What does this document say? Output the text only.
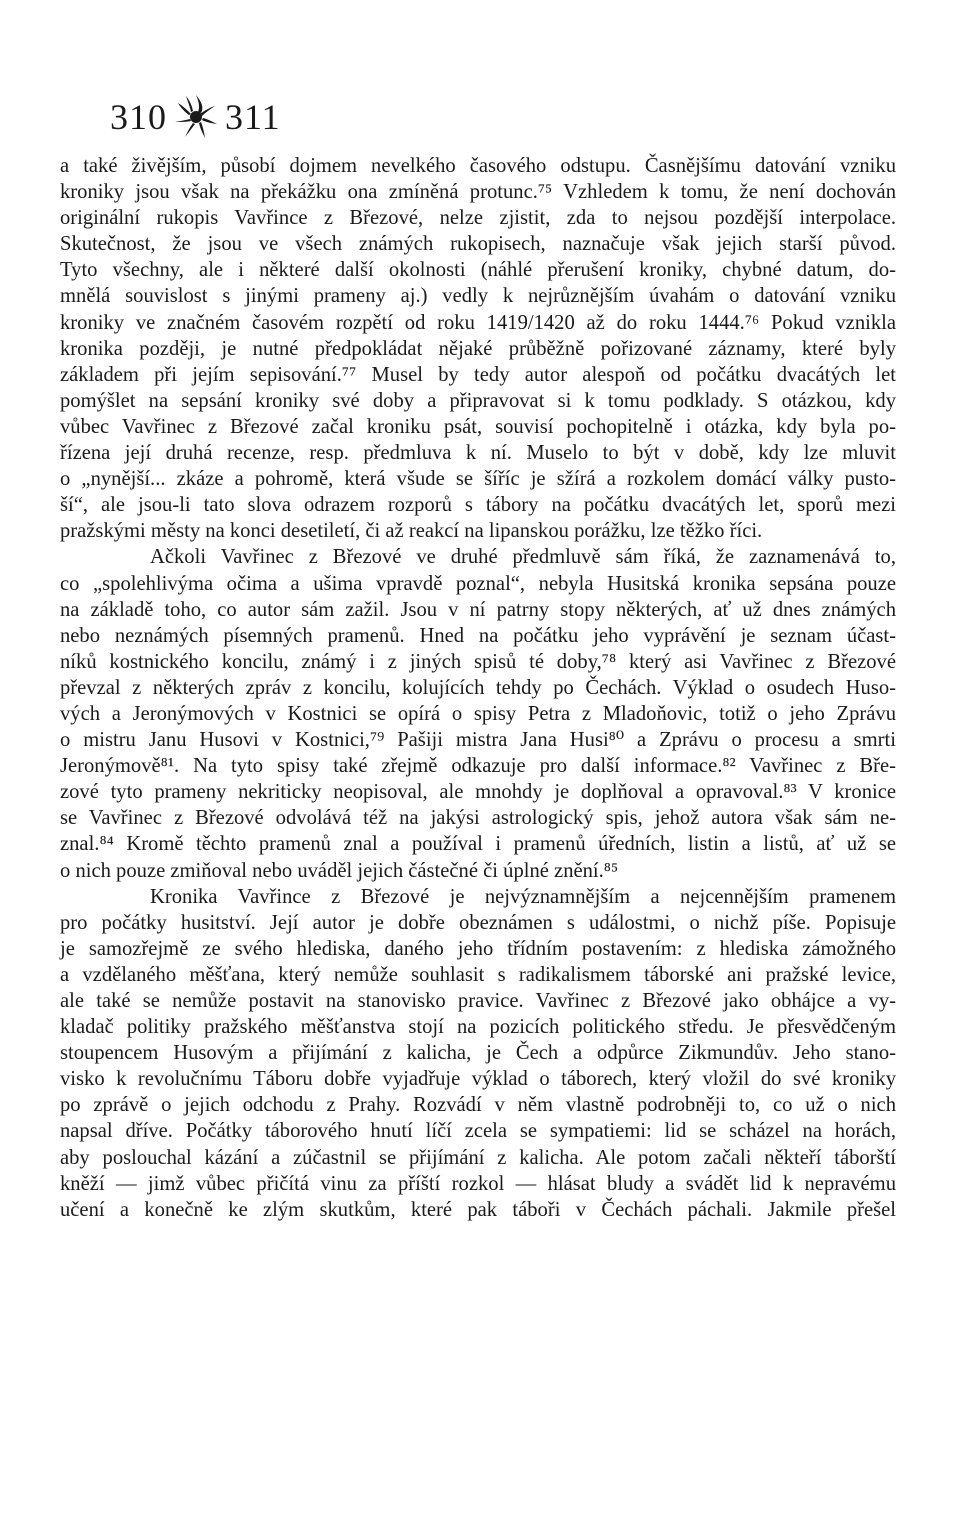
310 311
a také živějším, působí dojmem nevelkého časového odstupu. Časnějšímu datování vzniku
kroniky jsou však na překážku ona zmíněná protunc.⁷⁵ Vzhledem k tomu, že není dochován
originální rukopis Vavřince z Březové, nelze zjistit, zda to nejsou pozdější interpolace.
Skutečnost, že jsou ve všech známých rukopisech, naznačuje však jejich starší původ.
Tyto všechny, ale i některé další okolnosti (náhlé přerušení kroniky, chybné datum, do-
mnělá souvislost s jinými prameny aj.) vedly k nejrůznějším úvahám o datování vzniku
kroniky ve značném časovém rozpětí od roku 1419/1420 až do roku 1444.⁷⁶ Pokud vznikla
kronika později, je nutné předpokládat nějaké průběžně pořizované záznamy, které byly
základem při jejím sepisování.⁷⁷ Musel by tedy autor alespoň od počátku dvacátých let
pomýšlet na sepsání kroniky své doby a připravovat si k tomu podklady. S otázkou, kdy
vůbec Vavřinec z Březové začal kroniku psát, souvisí pochopitelně i otázka, kdy byla po-
řízena její druhá recenze, resp. předmluva k ní. Muselo to být v době, kdy lze mluvit
o „nynější... zkáze a pohromě, která všude se šíříc je sžírá a rozkolem domácí války pusto-
ší“, ale jsou-li tato slova odrazem rozporů s tábory na počátku dvacátých let, sporů mezi
pražskými městy na konci desetiletí, či až reakcí na lipanskou porážku, lze těžko říci.
Ačkoli Vavřinec z Březové ve druhé předmluvě sám říká, že zaznamenává to,
co „spolehlivýma očima a ušima vpravdě poznal“, nebyla Husitská kronika sepsána pouze
na základě toho, co autor sám zažil. Jsou v ní patrny stopy některých, ať už dnes známých
nebo neznámých písemných pramenů. Hned na počátku jeho vyprávění je seznam účast-
níků kostnického koncilu, známý i z jiných spisů té doby,⁷⁸ který asi Vavřinec z Březové
převzal z některých zpráv z koncilu, kolujících tehdy po Čechách. Výklad o osudech Huso-
vých a Jeronýmových v Kostnici se opírá o spisy Petra z Mladoňovic, totiž o jeho Zprávu
o mistru Janu Husovi v Kostnici,⁷⁹ Pašiji mistra Jana Husi⁸⁰ a Zprávu o procesu a smrti
Jeronýmově⁸¹. Na tyto spisy také zřejmě odkazuje pro další informace.⁸² Vavřinec z Bře-
zové tyto prameny nekriticky neopisoval, ale mnohdy je doplňoval a opravoval.⁸³ V kronice
se Vavřinec z Březové odvolává též na jakýsi astrologický spis, jehož autora však sám ne-
znal.⁸⁴ Kromě těchto pramenů znal a používal i pramenů úředních, listin a listů, ať už se
o nich pouze zmiňoval nebo uváděl jejich částečné či úplné znění.⁸⁵
Kronika Vavřince z Březové je nejvýznamnějším a nejcennějším pramenem
pro počátky husitství. Její autor je dobře obeznámen s událostmi, o nichž píše. Popisuje
je samozřejmě ze svého hlediska, daného jeho třídním postavením: z hlediska zámožného
a vzdělaného měšťana, který nemůže souhlasit s radikalismem táborské ani pražské levice,
ale také se nemůže postavit na stanovisko pravice. Vavřinec z Březové jako obhájce a vy-
kladač politiky pražského měšťanstva stojí na pozicích politického středu. Je přesvědčeným
stoupencem Husovým a přijímání z kalicha, je Čech a odpůrce Zikmundův. Jeho stano-
visko k revolučnímu Táboru dobře vyjadřuje výklad o táborech, který vložil do své kroniky
po zprávě o jejich odchodu z Prahy. Rozvádí v něm vlastně podrobněji to, co už o nich
napsal dříve. Počátky táborového hnutí líčí zcela se sympatiemi: lid se scházel na horách,
aby poslouchal kázání a zúčastnil se přijímání z kalicha. Ale potom začali někteří táborští
kněží — jimž vůbec přičítá vinu za příští rozkol — hlásat bludy a svádět lid k nepravému
učení a konečně ke zlým skutkům, které pak táboři v Čechách páchali. Jakmile přešel
